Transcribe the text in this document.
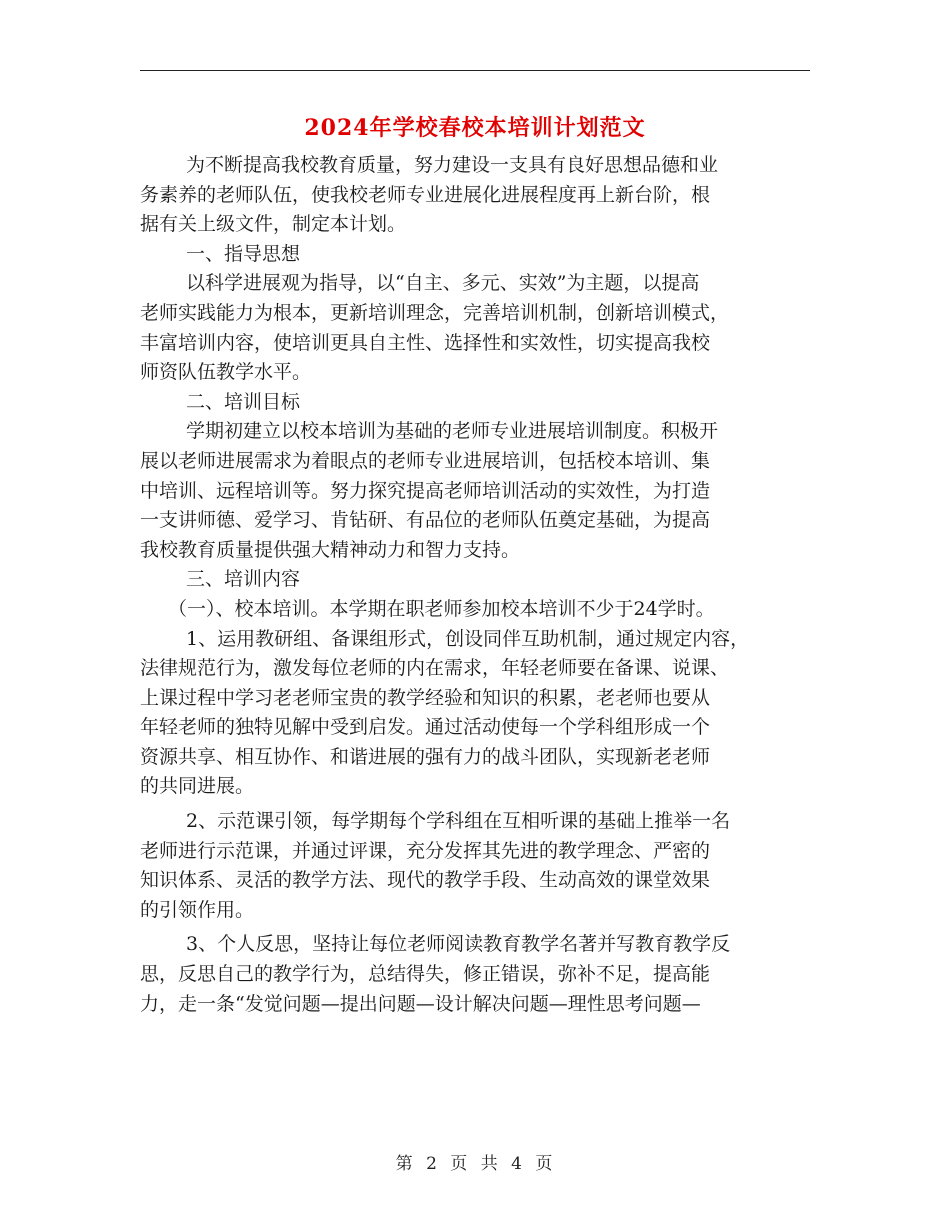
2024年学校春校本培训计划范文

为不断提高我校教育质量，努力建设一支具有良好思想品德和业
务素养的老师队伍，使我校老师专业进展化进展程度再上新台阶，根
据有关上级文件，制定本计划。

一、指导思想

以科学进展观为指导，以“自主、多元、实效”为主题，以提高
老师实践能力为根本，更新培训理念，完善培训机制，创新培训模式，
丰富培训内容，使培训更具自主性、选择性和实效性，切实提高我校
师资队伍教学水平。

二、培训目标

学期初建立以校本培训为基础的老师专业进展培训制度。积极开
展以老师进展需求为着眼点的老师专业进展培训，包括校本培训、集
中培训、远程培训等。努力探究提高老师培训活动的实效性，为打造
一支讲师德、爱学习、肯钻研、有品位的老师队伍奠定基础，为提高
我校教育质量提供强大精神动力和智力支持。

三、培训内容

（一）、校本培训。本学期在职老师参加校本培训不少于24学时。

1、运用教研组、备课组形式，创设同伴互助机制，通过规定内容，
法律规范行为，激发每位老师的内在需求，年轻老师要在备课、说课、
上课过程中学习老老师宝贵的教学经验和知识的积累，老老师也要从
年轻老师的独特见解中受到启发。通过活动使每一个学科组形成一个
资源共享、相互协作、和谐进展的强有力的战斗团队，实现新老老师
的共同进展。

2、示范课引领，每学期每个学科组在互相听课的基础上推举一名
老师进行示范课，并通过评课，充分发挥其先进的教学理念、严密的
知识体系、灵活的教学方法、现代的教学手段、生动高效的课堂效果
的引领作用。

3、个人反思，坚持让每位老师阅读教育教学名著并写教育教学反
思，反思自己的教学行为，总结得失，修正错误，弥补不足，提高能
力，走一条“发觉问题—提出问题—设计解决问题—理性思考问题—

第 2 页 共 4 页
